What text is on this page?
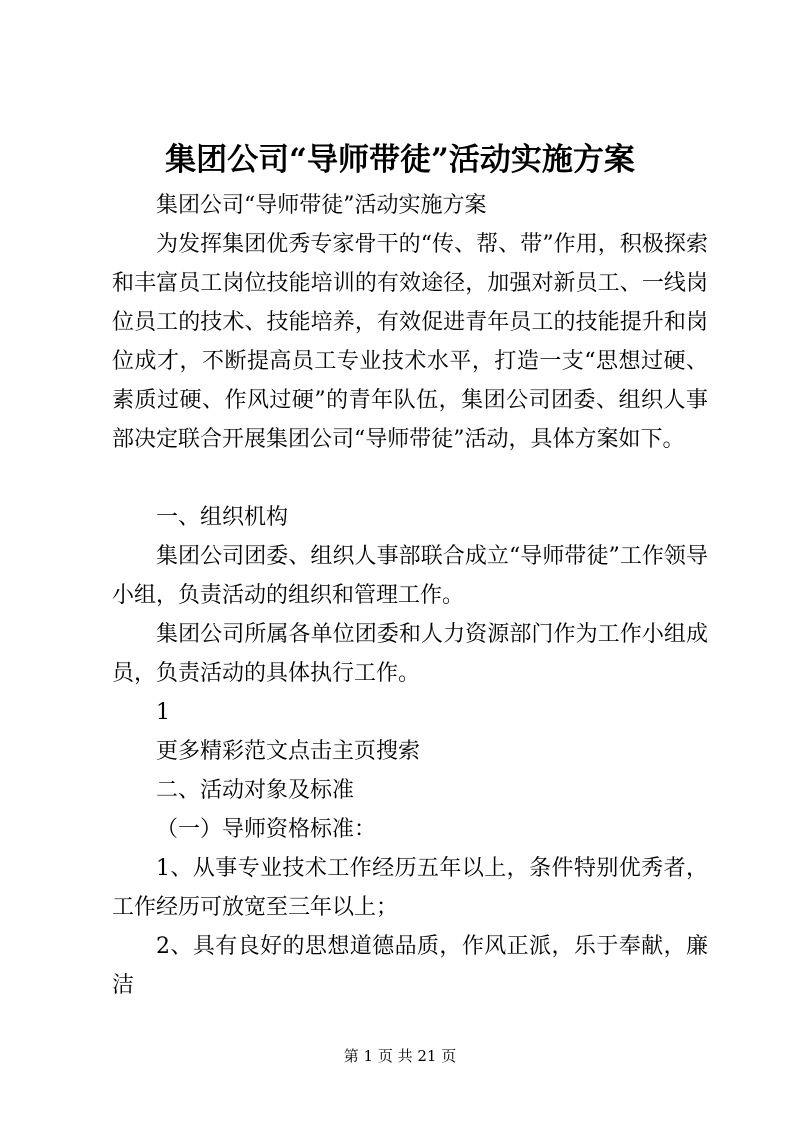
集团公司“导师带徒”活动实施方案
集团公司“导师带徒”活动实施方案

为发挥集团优秀专家骨干的“传、帮、带”作用，积极探索和丰富员工岗位技能培训的有效途径，加强对新员工、一线岗位员工的技术、技能培养，有效促进青年员工的技能提升和岗位成才，不断提高员工专业技术水平，打造一支“思想过硬、素质过硬、作风过硬”的青年队伍，集团公司团委、组织人事部决定联合开展集团公司“导师带徒”活动，具体方案如下。

一、组织机构

集团公司团委、组织人事部联合成立“导师带徒”工作领导小组，负责活动的组织和管理工作。

集团公司所属各单位团委和人力资源部门作为工作小组成员，负责活动的具体执行工作。

1
更多精彩范文点击主页搜索
二、活动对象及标准
（一）导师资格标准：

1、从事专业技术工作经历五年以上，条件特别优秀者，工作经历可放宽至三年以上；

2、具有良好的思想道德品质，作风正派，乐于奉献，廉洁

第 1 页 共 21 页
